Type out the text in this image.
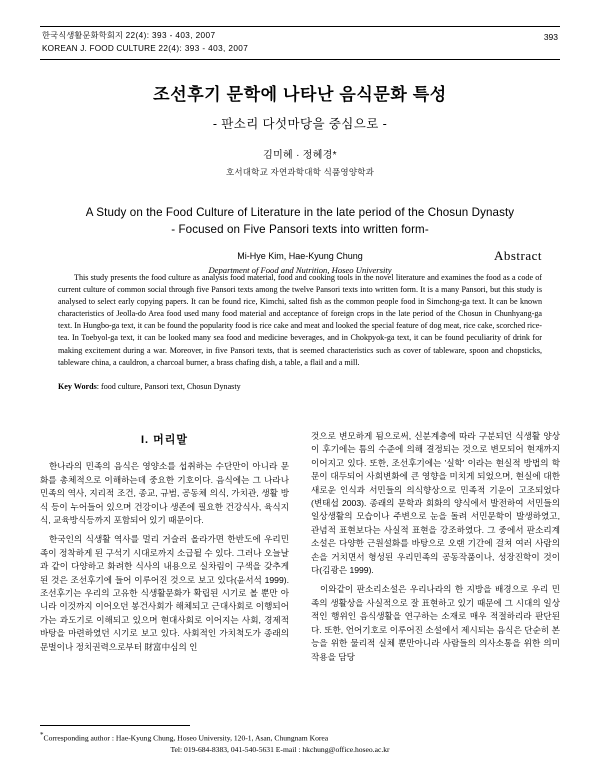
한국식생활문화학회지 22(4): 393 - 403, 2007
KOREAN J. FOOD CULTURE 22(4): 393 - 403, 2007
393
조선후기 문학에 나타난 음식문화 특성
- 판소리 다섯마당을 중심으로 -
김미혜 · 정혜경*
호서대학교 자연과학대학 식품영양학과
A Study on the Food Culture of Literature in the late period of the Chosun Dynasty
- Focused on Five Pansori texts into written form-
Mi-Hye Kim, Hae-Kyung Chung
Department of Food and Nutrition, Hoseo University
Abstract
This study presents the food culture as analysis food material, food and cooking tools in the novel literature and examines the food as a code of current culture of common social through five Pansori texts among the twelve Pansori texts into written form. It is a many Pansori, but this study is analysed to select early copying papers. It can be found rice, Kimchi, salted fish as the common people food in Simchong-ga text. It can be known characteristics of Jeolla-do Area food used many food material and acceptance of foreign crops in the late period of the Chosun in Chunhyang-ga text. In Hungbo-ga text, it can be found the popularity food is rice cake and meat and looked the special feature of dog meat, rice cake, scorched rice-tea. In Toebyol-ga text, it can be looked many sea food and medicine beverages, and in Chokpyok-ga text, it can be found peculiarity of drink for making excitement during a war. Moreover, in five Pansori texts, that is seemed characteristics such as cover of tableware, spoon and chopsticks, tableware china, a cauldron, a charcoal burner, a brass chafing dish, a table, a flail and a mill.
Key Words: food culture, Pansori text, Chosun Dynasty
I. 머리말

한나라의 민족의 음식은 영양소를 섭취하는 수단만이 아니라 문화를 총체적으로 이해하는데 중요한 기호이다. 음식에는 그 나라나 민족의 역사, 지리적 조건, 종교, 규범, 공동체 의식, 가치관, 생활 방식 등이 누어들어 있으며 건강이나 생존에 필요한 건강식사, 육식지식, 교육방식등까지 포함되어 있기 때문이다.

한국인의 식생활 역사를 멀리 거슬러 올라가면 한반도에 우리민족이 정착하게 된 구석기 시대로까지 소급될 수 있다. 그러나 오늘날과 같이 다양하고 화려한 식사의 내용으로 실차림이 구색을 갖추게 된 것은 조선후기에 들어 이루어진 것으로 보고 있다(윤서석 1999). 조선후기는 우리의 고유한 식생활문화가 확립된 시기로 볼 뿐만 아니라 이것까지 이어오던 봉건사회가 해체되고 근대사회로 이행되어가는 과도기로 이해되고 있으며 현대사회로 이어지는 사회, 경제적 바탕을 마련하였던 시기로 보고 있다. 사회적인 가치척도가 종래의 문벌이나 정치권력으로부터 財富中심의 인

것으로 변모하게 됨으로써, 신분계층에 따라 구분되던 식생활 양상이 후기에는 틈의 수준에 의해 결정되는 것으로 변모되어 현재까지 이어지고 있다. 또한, 조선후기에는 '실학' 이라는 현실적 방법의 학문이 대두되어 사회변화에 큰 영향을 미치게 되었으며, 현실에 대한 새로운 인식과 서민들의 의식향상으로 민족적 기운이 고조되었다(변태섭 2003). 종래의 문학과 회화의 양식에서 발전하여 서민들의 일상생활의 모습이나 주변으로 눈을 돌려 서민문학이 발생하였고, 관념적 표현보다는 사실적 표현을 강조하였다. 그 중에서 판소리계 소설은 다양한 근원설화를 바탕으로 오랜 기간에 걸쳐 여러 사람의 손을 거치면서 형성된 우리민족의 공동작품이나, 성장진학이 것이다(김광은 1999).

이와같이 판소리소설은 우리나라의 한 지방을 배경으로 우리 민족의 생활상을 사실적으로 잘 표현하고 있기 때문에 그 시대의 일상적인 행위인 음식생활을 연구하는 소재로 매우 적절하리라 판단된다. 또한, 언어기호로 이루어진 소설에서 제시되는 음식은 단순히 본능을 위한 물리적 실체 뿐만아니라 사람들의 의사소통을 위한 의미작용을 담당

*Corresponding author : Hae-Kyung Chung, Hoseo University, 120-1, Asan, Chungnam Korea
Tel: 019-684-8383, 041-540-5631 E-mail : hkchung@office.hoseo.ac.kr
